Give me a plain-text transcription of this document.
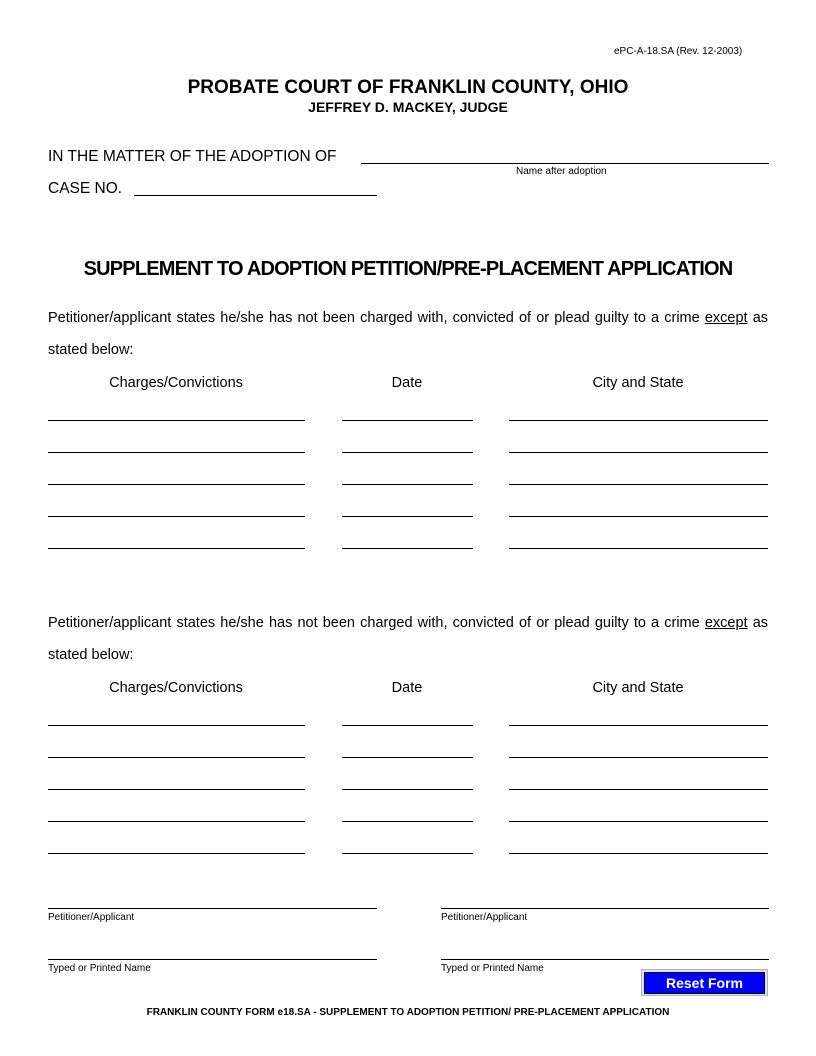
ePC-A-18.SA (Rev. 12-2003)
PROBATE COURT OF FRANKLIN COUNTY, OHIO
JEFFREY D. MACKEY, JUDGE
IN THE MATTER OF THE ADOPTION OF
Name after adoption
CASE NO.
SUPPLEMENT TO ADOPTION PETITION/PRE-PLACEMENT APPLICATION
Petitioner/applicant states he/she has not been charged with, convicted of or plead guilty to a crime except as
stated below:
Charges/Convictions	Date	City and State
Petitioner/applicant states he/she has not been charged with, convicted of or plead guilty to a crime except as
stated below:
Charges/Convictions	Date	City and State
Petitioner/Applicant	Petitioner/Applicant
Typed or Printed Name	Typed or Printed Name
Reset Form
FRANKLIN COUNTY FORM e18.SA - SUPPLEMENT TO ADOPTION PETITION/ PRE-PLACEMENT APPLICATION
